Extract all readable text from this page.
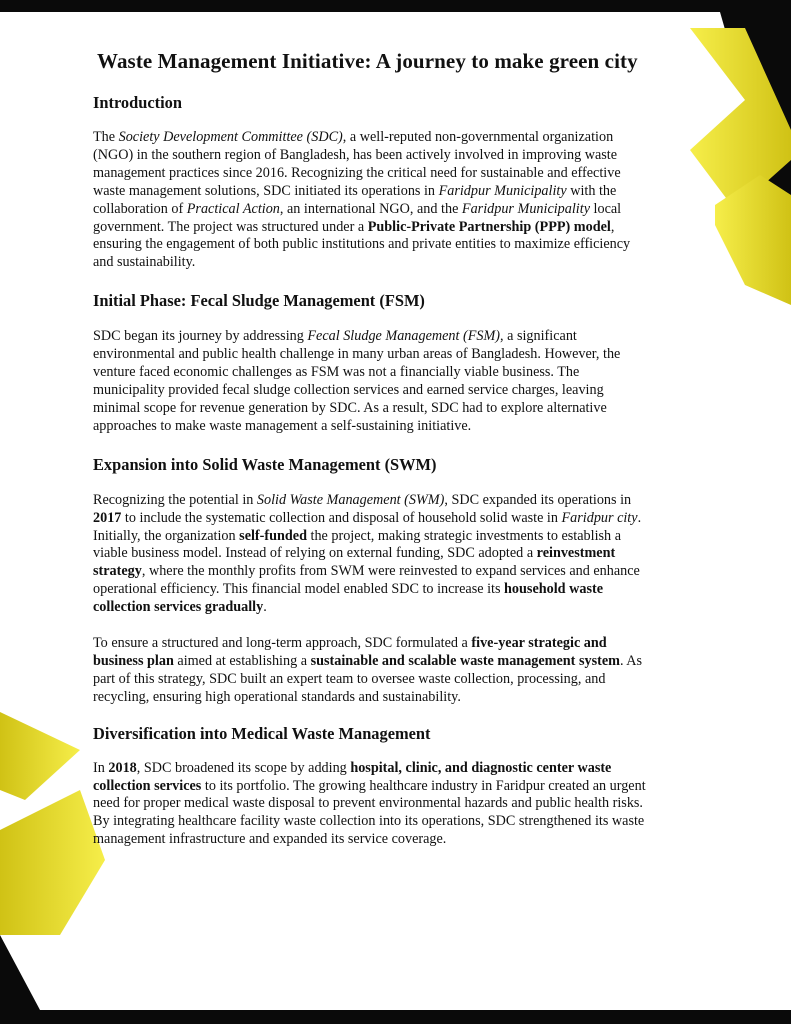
Waste Management Initiative: A journey to make green city
Introduction

The Society Development Committee (SDC), a well-reputed non-governmental organization
(NGO) in the southern region of Bangladesh, has been actively involved in improving waste
management practices since 2016. Recognizing the critical need for sustainable and effective
waste management solutions, SDC initiated its operations in Faridpur Municipality with the
collaboration of Practical Action, an international NGO, and the Faridpur Municipality local
government. The project was structured under a Public-Private Partnership (PPP) model,
ensuring the engagement of both public institutions and private entities to maximize efficiency
and sustainability.

Initial Phase: Fecal Sludge Management (FSM)

SDC began its journey by addressing Fecal Sludge Management (FSM), a significant
environmental and public health challenge in many urban areas of Bangladesh. However, the
venture faced economic challenges as FSM was not a financially viable business. The
municipality provided fecal sludge collection services and earned service charges, leaving
minimal scope for revenue generation by SDC. As a result, SDC had to explore alternative
approaches to make waste management a self-sustaining initiative.

Expansion into Solid Waste Management (SWM)

Recognizing the potential in Solid Waste Management (SWM), SDC expanded its operations in
2017 to include the systematic collection and disposal of household solid waste in Faridpur city.
Initially, the organization self-funded the project, making strategic investments to establish a
viable business model. Instead of relying on external funding, SDC adopted a reinvestment
strategy, where the monthly profits from SWM were reinvested to expand services and enhance
operational efficiency. This financial model enabled SDC to increase its household waste
collection services gradually.

To ensure a structured and long-term approach, SDC formulated a five-year strategic and
business plan aimed at establishing a sustainable and scalable waste management system. As
part of this strategy, SDC built an expert team to oversee waste collection, processing, and
recycling, ensuring high operational standards and sustainability.

Diversification into Medical Waste Management

In 2018, SDC broadened its scope by adding hospital, clinic, and diagnostic center waste
collection services to its portfolio. The growing healthcare industry in Faridpur created an urgent
need for proper medical waste disposal to prevent environmental hazards and public health risks.
By integrating healthcare facility waste collection into its operations, SDC strengthened its waste
management infrastructure and expanded its service coverage.
